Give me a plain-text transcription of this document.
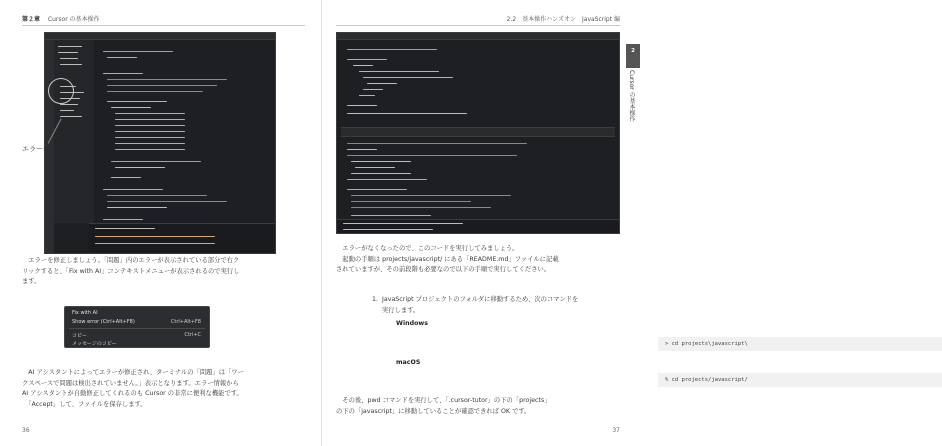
第２章 Cursor の基本操作
エラー表示
　エラーを修正しましょう。「問題」内のエラーが表示されている部分で右ク
リックすると、「Fix with AI」コンテキストメニューが表示されるので実行し
ます。
Fix with AI
Show error (Ctrl+Alt+F8)	Ctrl+Alt+F8
コピー	Ctrl+C
メッセージのコピー
　AI アシスタントによってエラーが修正され、ターミナルの「問題」は「ワー
クスペースで問題は検出されていません。」表示となります。エラー情報から
AI アシスタントが自動修正してくれるのも Cursor の非常に便利な機能です。
　「Accept」して、ファイルを保存します。
36
2.2　基本操作ハンズオン　JavaScript 編
　エラーがなくなったので、このコードを実行してみましょう。
　起動の手順は projects/javascript/ にある「README.md」ファイルに記載
されていますが、その前段階も必要なので以下の手順で実行してください。
1.  JavaScript プロジェクトのフォルダに移動するため、次のコマンドを
実行します。
Windows
> cd projects\javascript\
macOS
% cd projects/javascript/
　その後、pwd コマンドを実行して、「.cursor-tutor」の下の「projects」
の下の「javascript」に移動していることが確認できれば OK です。
37
2
Cursor の基本操作
